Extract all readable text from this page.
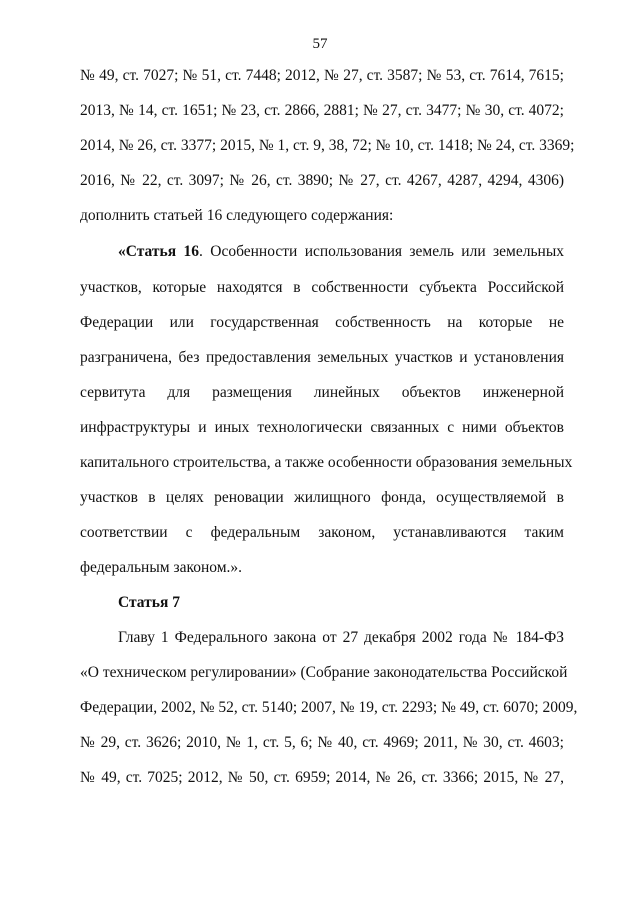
57
№ 49, ст. 7027; № 51, ст. 7448; 2012, № 27, ст. 3587; № 53, ст. 7614, 7615;
2013, № 14, ст. 1651; № 23, ст. 2866, 2881; № 27, ст. 3477; № 30, ст. 4072;
2014, № 26, ст. 3377; 2015, № 1, ст. 9, 38, 72; № 10, ст. 1418; № 24, ст. 3369;
2016, № 22, ст. 3097; № 26, ст. 3890; № 27, ст. 4267, 4287, 4294, 4306)
дополнить статьей 16 следующего содержания:
«Статья 16. Особенности использования земель или земельных
участков, которые находятся в собственности субъекта Российской
Федерации или государственная собственность на которые не
разграничена, без предоставления земельных участков и установления
сервитута для размещения линейных объектов инженерной
инфраструктуры и иных технологически связанных с ними объектов
капитального строительства, а также особенности образования земельных
участков в целях реновации жилищного фонда, осуществляемой в
соответствии с федеральным законом, устанавливаются таким
федеральным законом.».
Статья 7
Главу 1 Федерального закона от 27 декабря 2002 года № 184-ФЗ
«О техническом регулировании» (Собрание законодательства Российской
Федерации, 2002, № 52, ст. 5140; 2007, № 19, ст. 2293; № 49, ст. 6070; 2009,
№ 29, ст. 3626; 2010, № 1, ст. 5, 6; № 40, ст. 4969; 2011, № 30, ст. 4603;
№ 49, ст. 7025; 2012, № 50, ст. 6959; 2014, № 26, ст. 3366; 2015, № 27,
